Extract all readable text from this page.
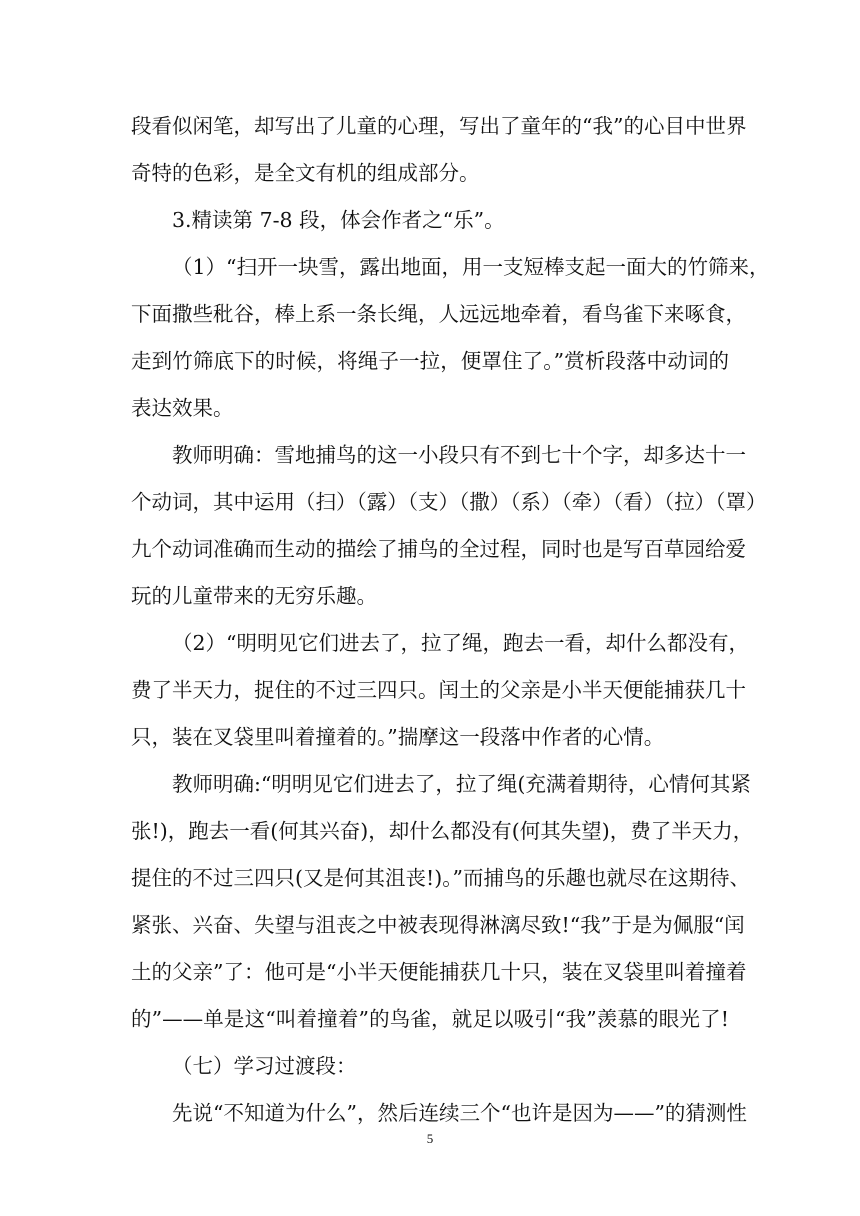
段看似闲笔，却写出了儿童的心理，写出了童年的“我”的心目中世界
奇特的色彩，是全文有机的组成部分。
3.精读第 7-8 段，体会作者之“乐”。
（1）“扫开一块雪，露出地面，用一支短棒支起一面大的竹筛来，
下面撒些秕谷，棒上系一条长绳，人远远地牵着，看鸟雀下来啄食，
走到竹筛底下的时候，将绳子一拉，便罩住了。”赏析段落中动词的
表达效果。
教师明确：雪地捕鸟的这一小段只有不到七十个字，却多达十一
个动词，其中运用（扫）（露）（支）（撒）（系）（牵）（看）（拉）（罩）
九个动词准确而生动的描绘了捕鸟的全过程，同时也是写百草园给爱
玩的儿童带来的无穷乐趣。
（2）“明明见它们进去了，拉了绳，跑去一看，却什么都没有，
费了半天力，捉住的不过三四只。闰土的父亲是小半天便能捕获几十
只，装在叉袋里叫着撞着的。”揣摩这一段落中作者的心情。
教师明确:“明明见它们进去了，拉了绳(充满着期待，心情何其紧
张!)，跑去一看(何其兴奋)，却什么都没有(何其失望)，费了半天力，
提住的不过三四只(又是何其沮丧!)。”而捕鸟的乐趣也就尽在这期待、
紧张、兴奋、失望与沮丧之中被表现得淋漓尽致!“我”于是为佩服“闰
土的父亲”了：他可是“小半天便能捕获几十只，装在叉袋里叫着撞着
的”——单是这“叫着撞着”的鸟雀，就足以吸引“我”羡慕的眼光了!
（七）学习过渡段：
先说“不知道为什么”，然后连续三个“也许是因为——”的猜测性
5
